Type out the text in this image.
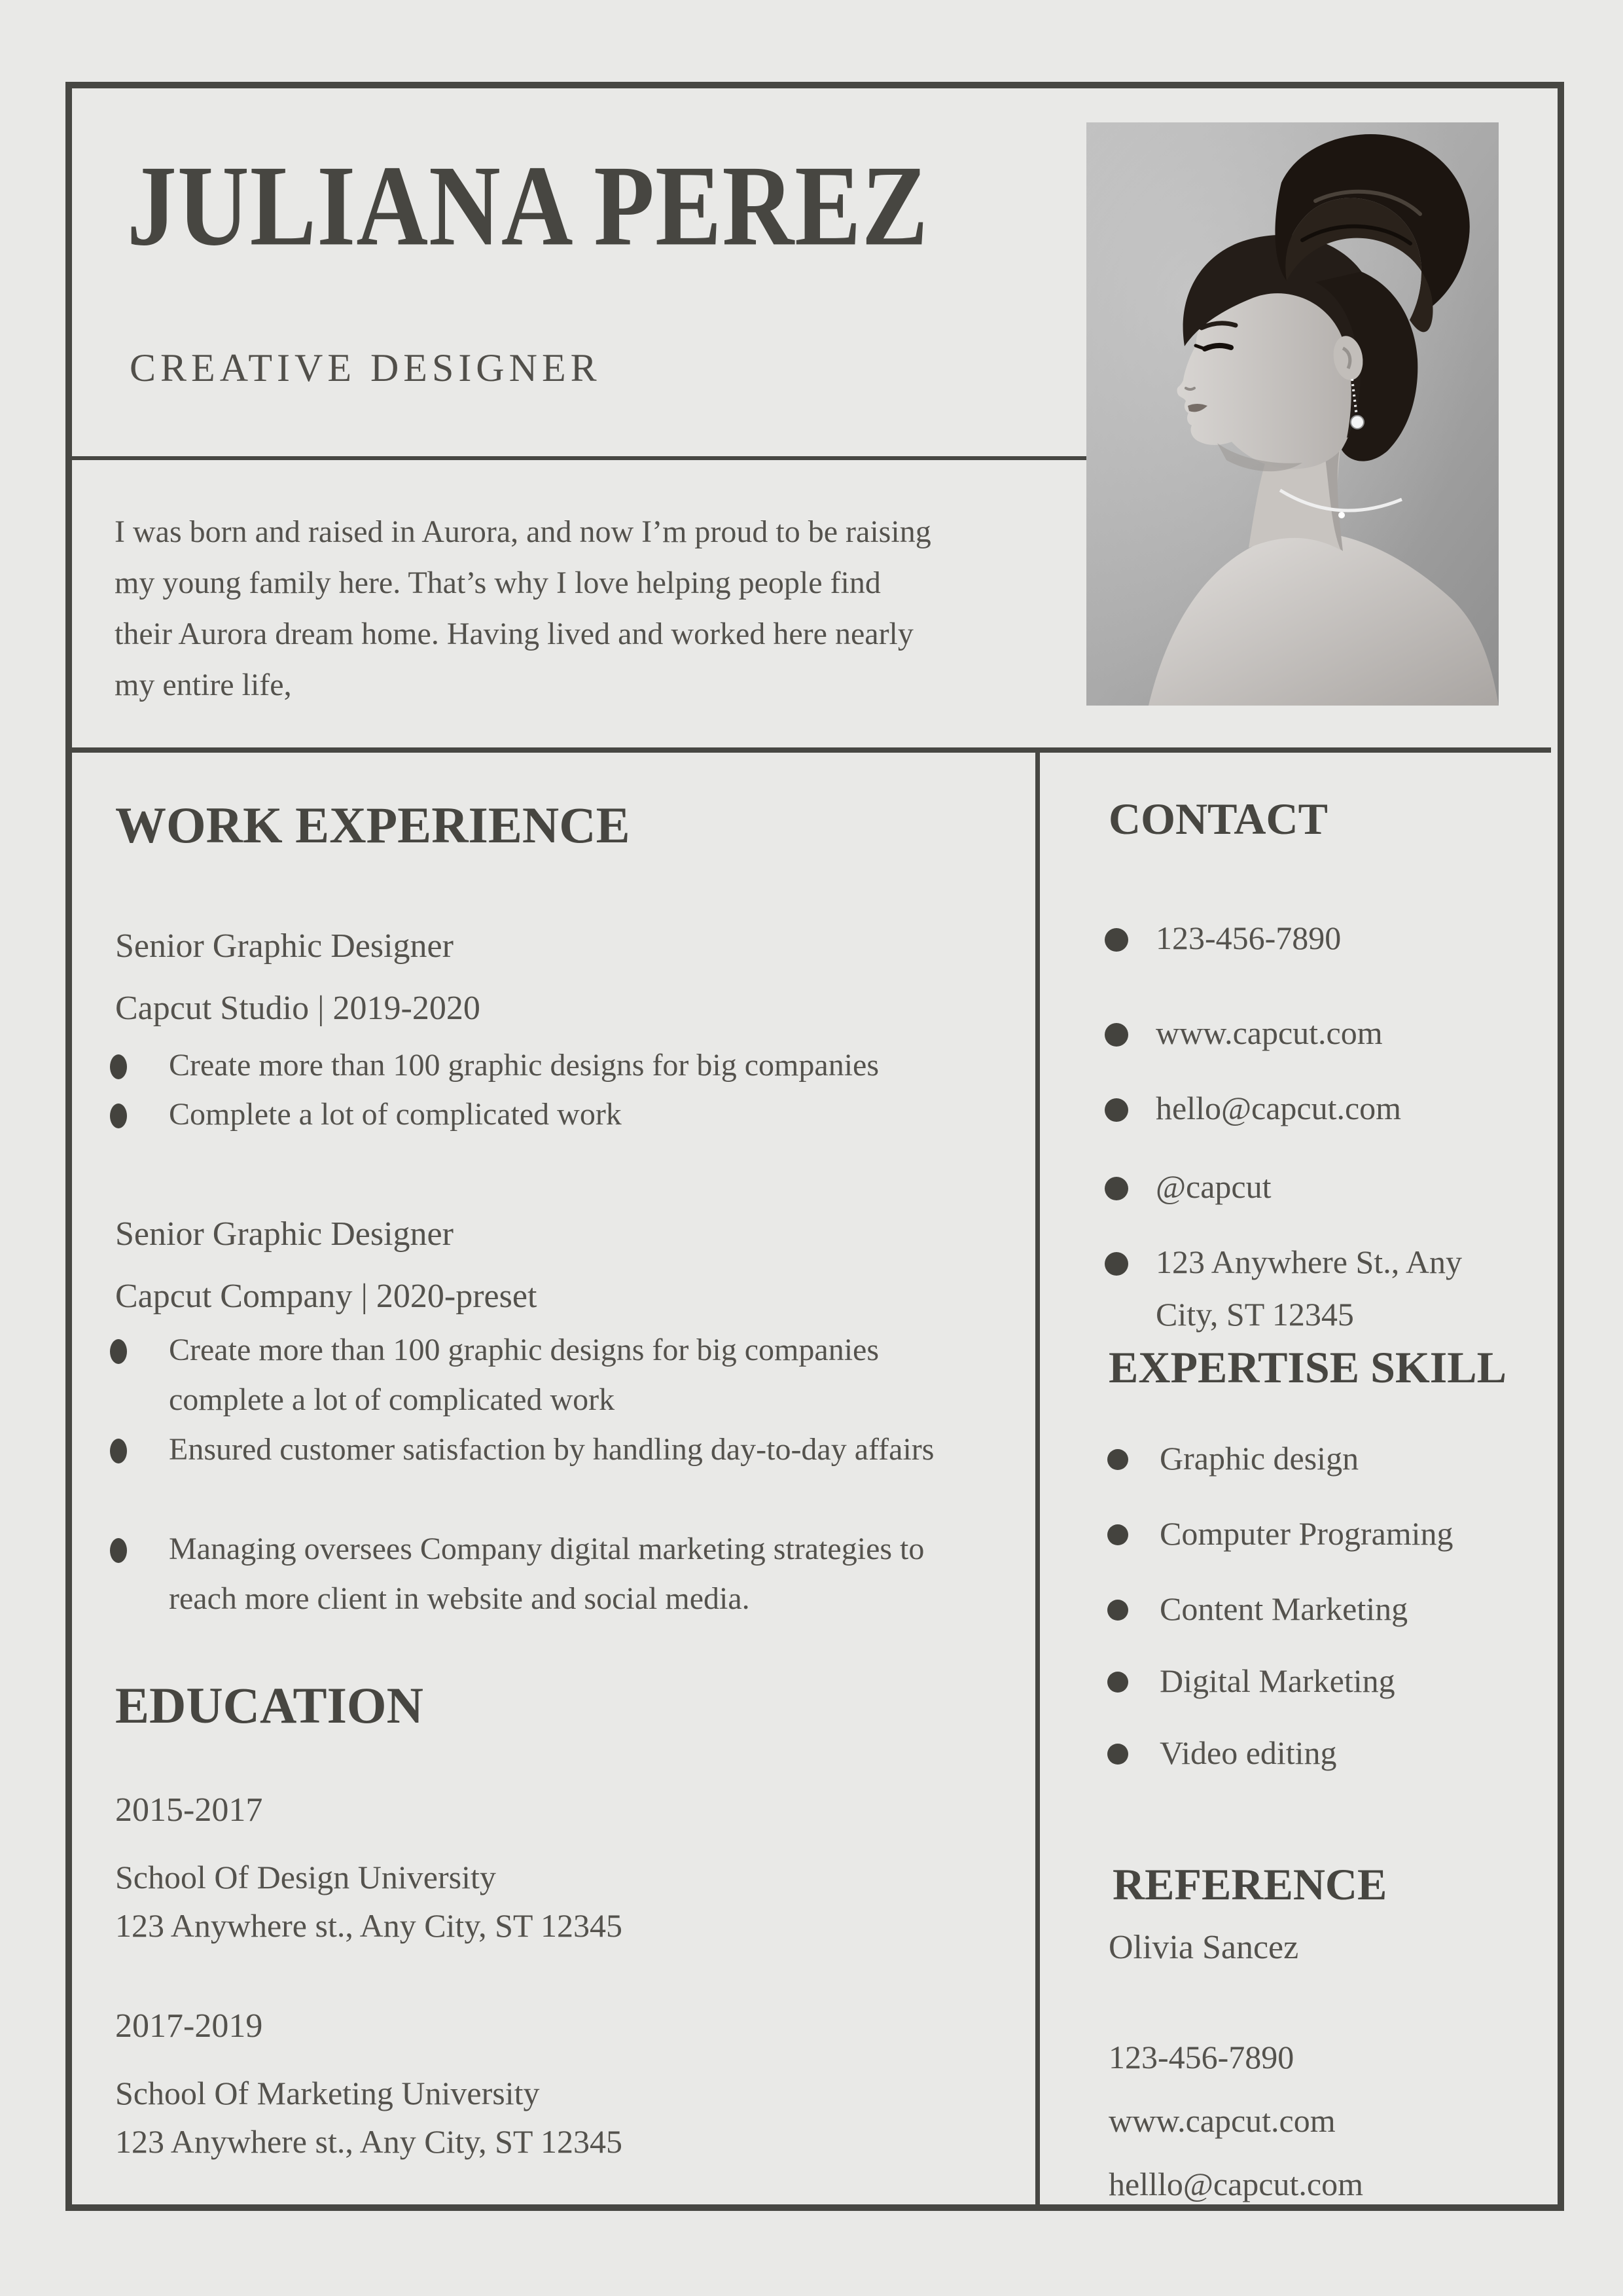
JULIANA PEREZ
CREATIVE DESIGNER
I was born and raised in Aurora, and now I’m proud to be raising my young family here. That’s why I love helping people find their Aurora dream home. Having lived and worked here nearly my entire life,
WORK EXPERIENCE
Senior Graphic Designer
Capcut Studio | 2019-2020
Create more than 100 graphic designs for big companies
Complete a lot of complicated work
Senior Graphic Designer
Capcut Company | 2020-preset
Create more than 100 graphic designs for big companies complete a lot of complicated work
Ensured customer satisfaction by handling day-to-day affairs
Managing oversees Company digital marketing strategies to reach more client in website and social media.
EDUCATION
2015-2017
School Of Design University
123 Anywhere st., Any City, ST 12345
2017-2019
School Of Marketing University
123 Anywhere st., Any City, ST 12345
CONTACT
123-456-7890
www.capcut.com
hello@capcut.com
@capcut
123 Anywhere St., Any City, ST 12345
EXPERTISE SKILL
Graphic design
Computer Programing
Content Marketing
Digital Marketing
Video editing
REFERENCE
Olivia Sancez
123-456-7890
www.capcut.com
helllo@capcut.com
